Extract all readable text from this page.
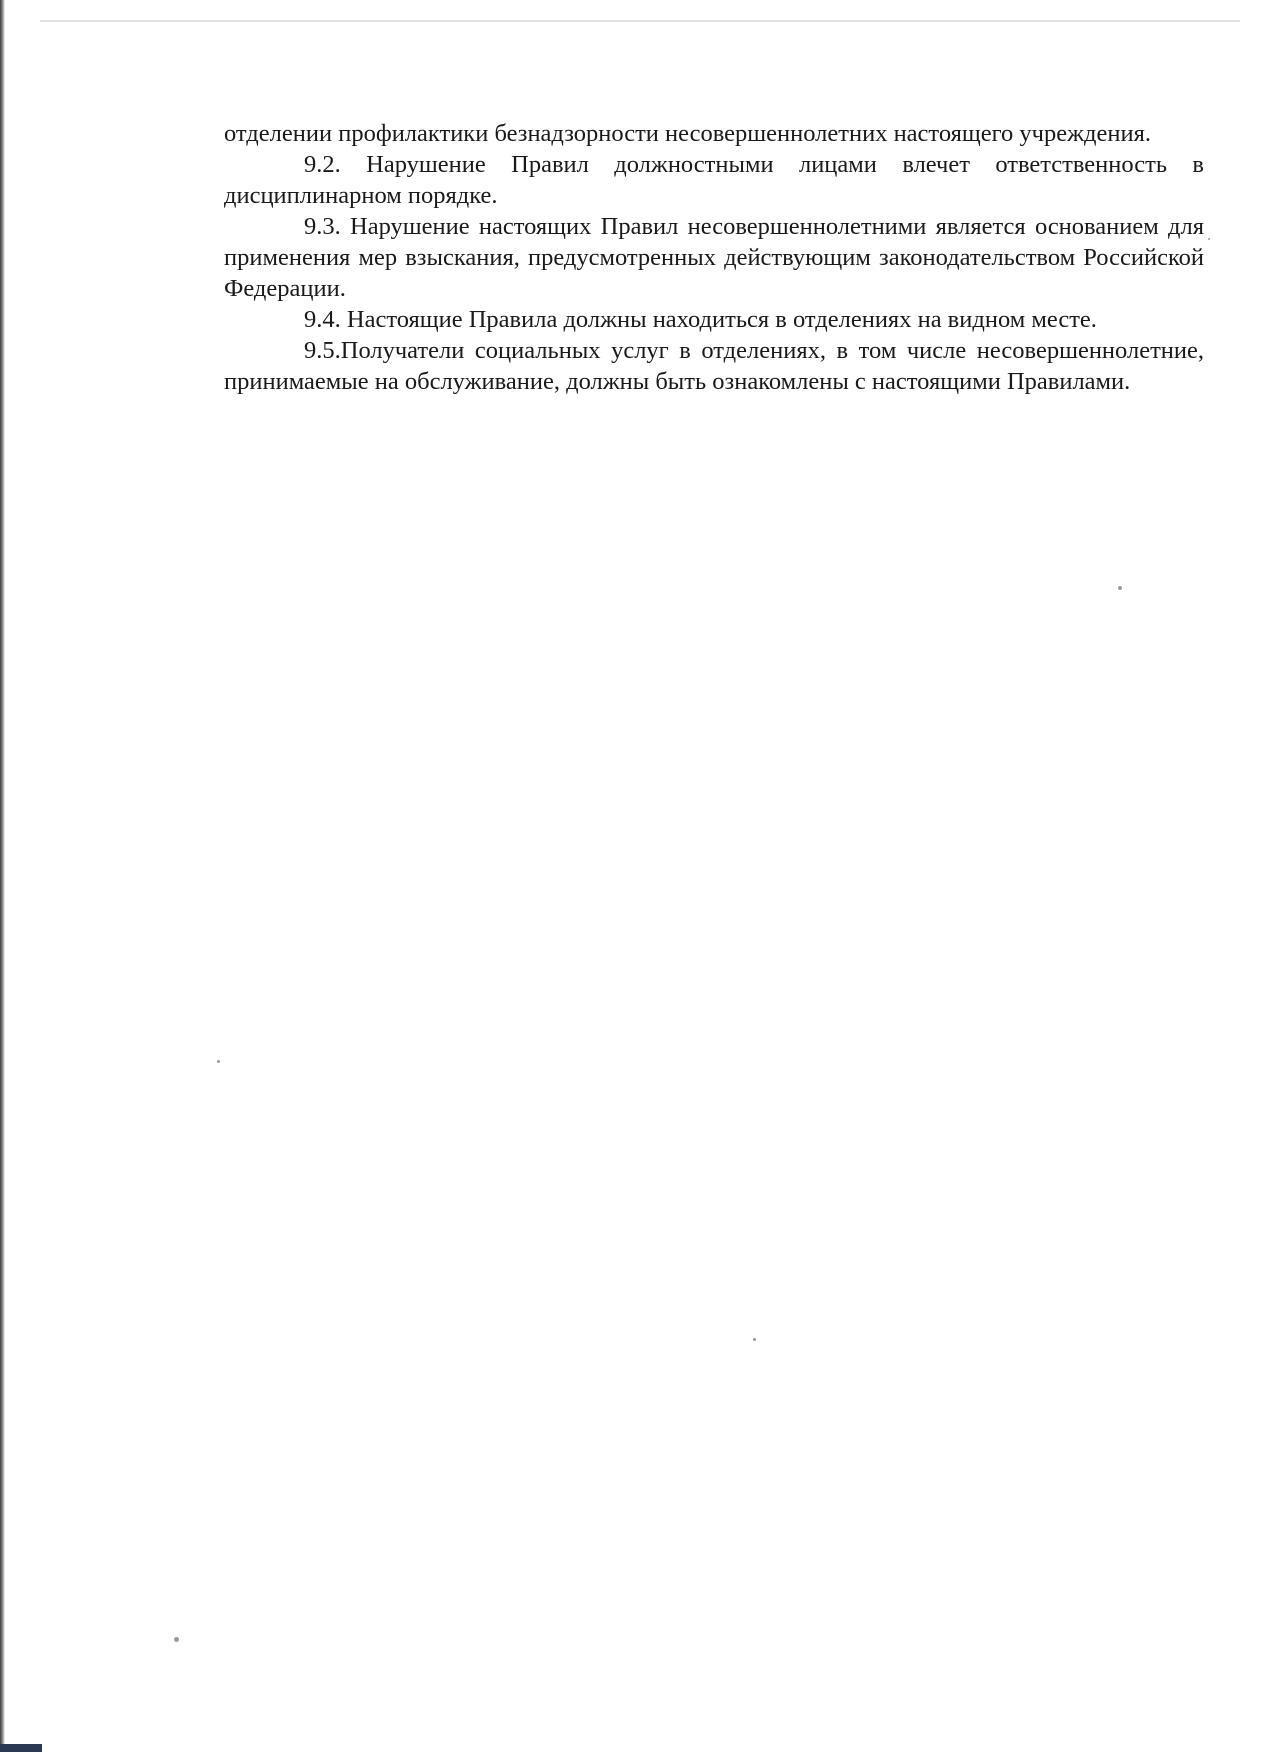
отделении профилактики безнадзорности несовершеннолетних настоящего учреждения.

9.2. Нарушение Правил должностными лицами влечет ответственность в дисциплинарном порядке.

9.3. Нарушение настоящих Правил несовершеннолетними является основанием для применения мер взыскания, предусмотренных действующим законодательством Российской Федерации.

9.4. Настоящие Правила должны находиться в отделениях на видном месте.

9.5.Получатели социальных услуг в отделениях, в том числе несовершеннолетние, принимаемые на обслуживание, должны быть ознакомлены с настоящими Правилами.
